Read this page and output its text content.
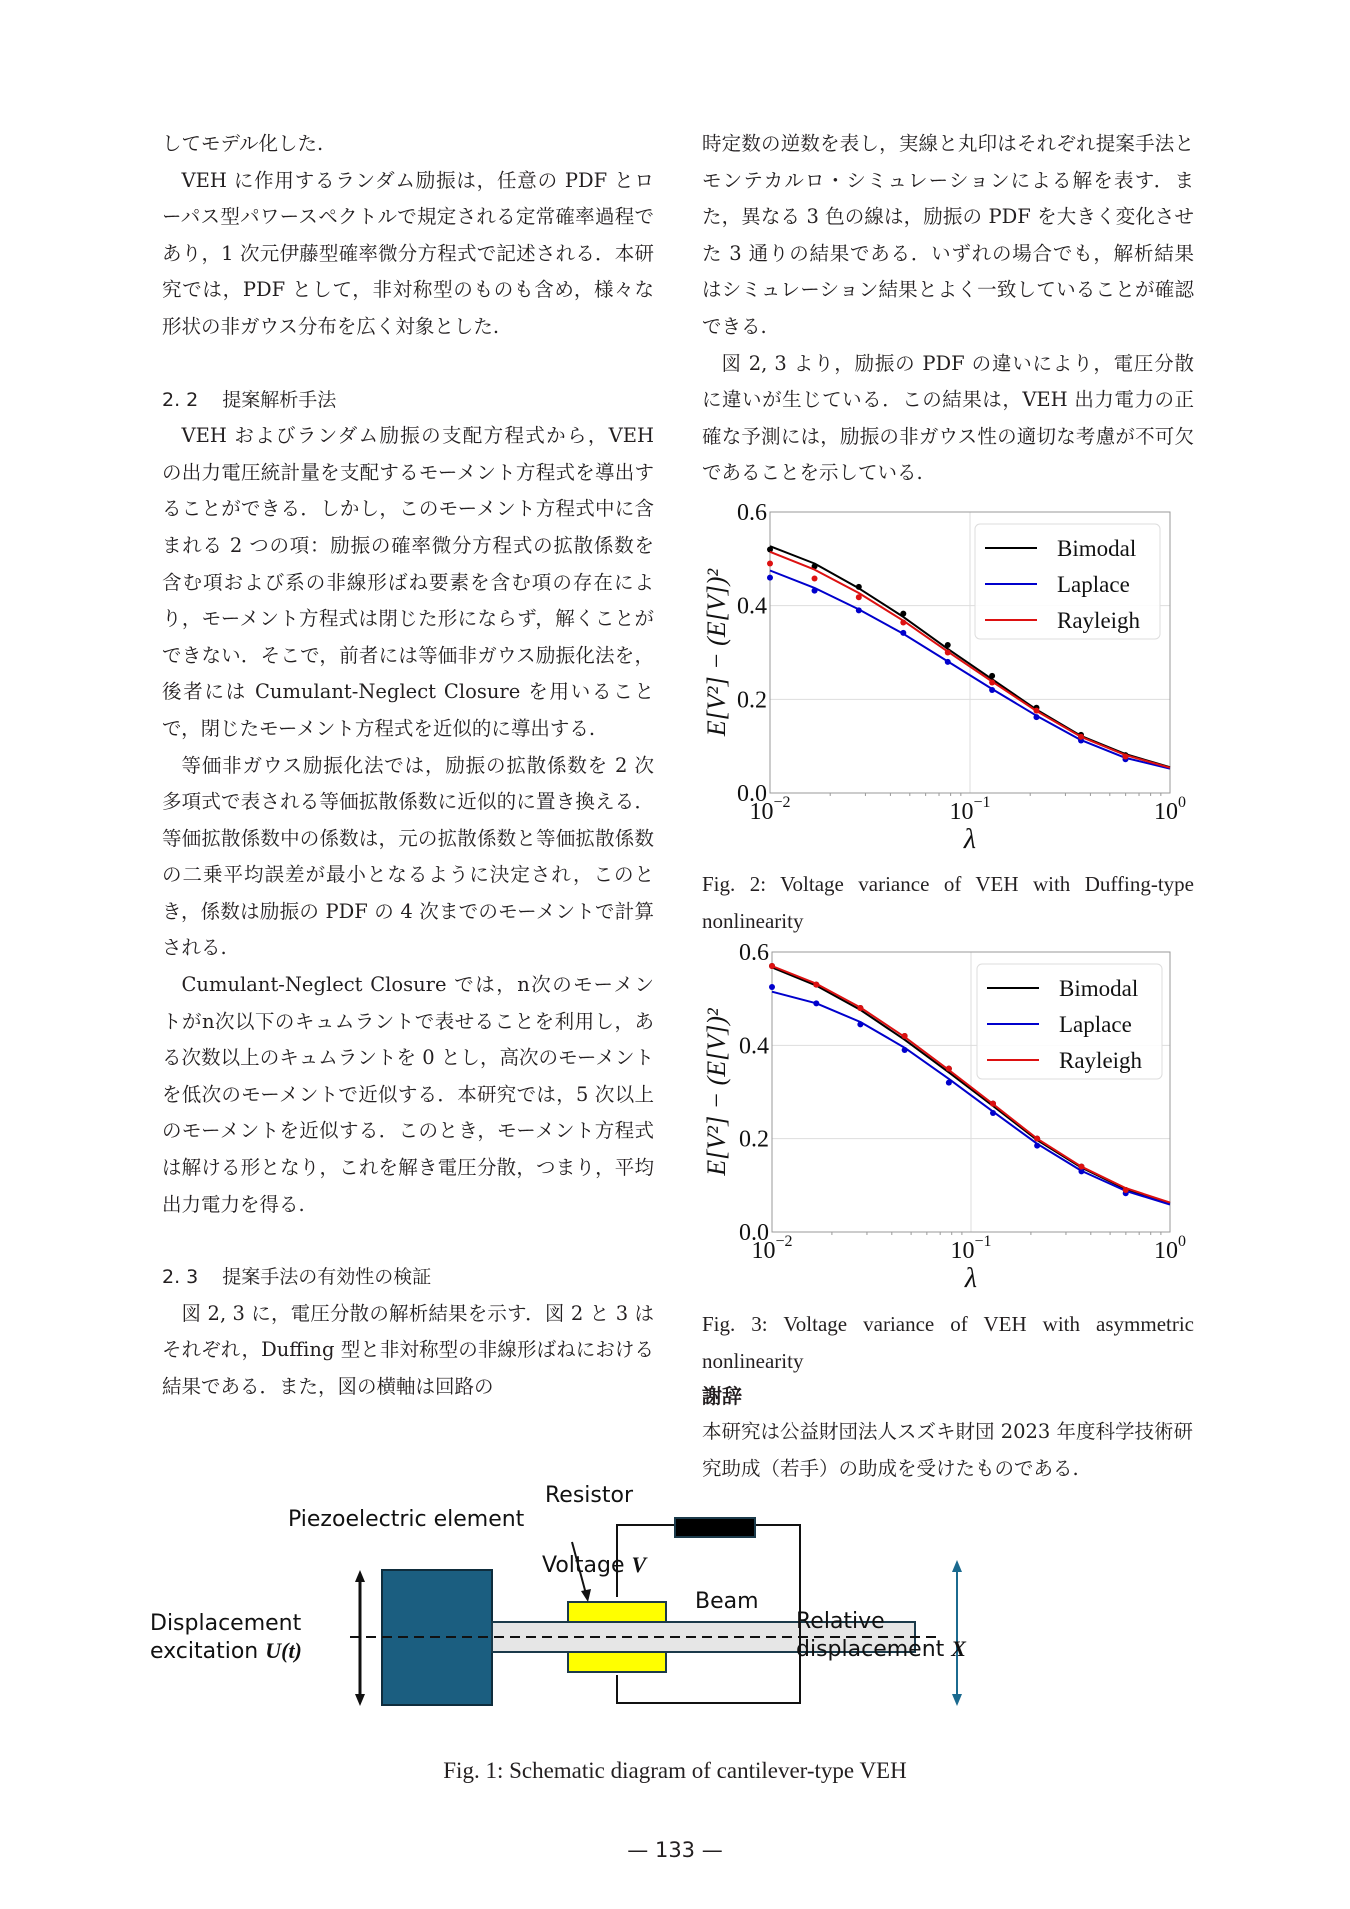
してモデル化した.

VEH に作用するランダム励振は，任意の PDF とローパス型パワースペクトルで規定される定常確率過程であり，1 次元伊藤型確率微分方程式で記述される．本研究では，PDF として，非対称型のものも含め，様々な形状の非ガウス分布を広く対象とした.

2. 2 提案解析手法

VEH およびランダム励振の支配方程式から，VEH の出力電圧統計量を支配するモーメント方程式を導出することができる．しかし，このモーメント方程式中に含まれる 2 つの項：励振の確率微分方程式の拡散係数を含む項および系の非線形ばね要素を含む項の存在により，モーメント方程式は閉じた形にならず，解くことができない．そこで，前者には等価非ガウス励振化法を，後者には Cumulant-Neglect Closure を用いることで，閉じたモーメント方程式を近似的に導出する.

等価非ガウス励振化法では，励振の拡散係数を 2 次多項式で表される等価拡散係数に近似的に置き換える．等価拡散係数中の係数は，元の拡散係数と等価拡散係数の二乗平均誤差が最小となるように決定され，このとき，係数は励振の PDF の 4 次までのモーメントで計算される.

Cumulant-Neglect Closure では，n次のモーメントがn次以下のキュムラントで表せることを利用し，ある次数以上のキュムラントを 0 とし，高次のモーメントを低次のモーメントで近似する．本研究では，5 次以上のモーメントを近似する．このとき，モーメント方程式は解ける形となり，これを解き電圧分散，つまり，平均出力電力を得る.

2. 3 提案手法の有効性の検証

図 2, 3 に，電圧分散の解析結果を示す．図 2 と 3 はそれぞれ，Duffing 型と非対称型の非線形ばねにおける結果である．また，図の横軸は回路の

時定数の逆数を表し，実線と丸印はそれぞれ提案手法とモンテカルロ・シミュレーションによる解を表す．また，異なる 3 色の線は，励振の PDF を大きく変化させた 3 通りの結果である．いずれの場合でも，解析結果はシミュレーション結果とよく一致していることが確認できる.

図 2, 3 より，励振の PDF の違いにより，電圧分散に違いが生じている．この結果は，VEH 出力電力の正確な予測には，励振の非ガウス性の適切な考慮が不可欠であることを示している.

0.0
0.2
0.4
0.6
$10^{-2}$	$10^{-1}$	$10^0$
λ
E[V²] − (E[V])²
Bimodal
Laplace
Rayleigh

Fig. 2: Voltage variance of VEH with Duffing-type nonlinearity

0.0
0.2
0.4
0.6
$10^{-2}$	$10^{-1}$	$10^0$
λ
E[V²] − (E[V])²
Bimodal
Laplace
Rayleigh

Fig. 3: Voltage variance of VEH with asymmetric nonlinearity

謝辞

本研究は公益財団法人スズキ財団 2023 年度科学技術研究助成（若手）の助成を受けたものである.

Piezoelectric element
Resistor
Voltage V
Beam
Displacement
excitation U(t)
Relative
displacement X
Fig. 1: Schematic diagram of cantilever-type VEH
— 133 —
